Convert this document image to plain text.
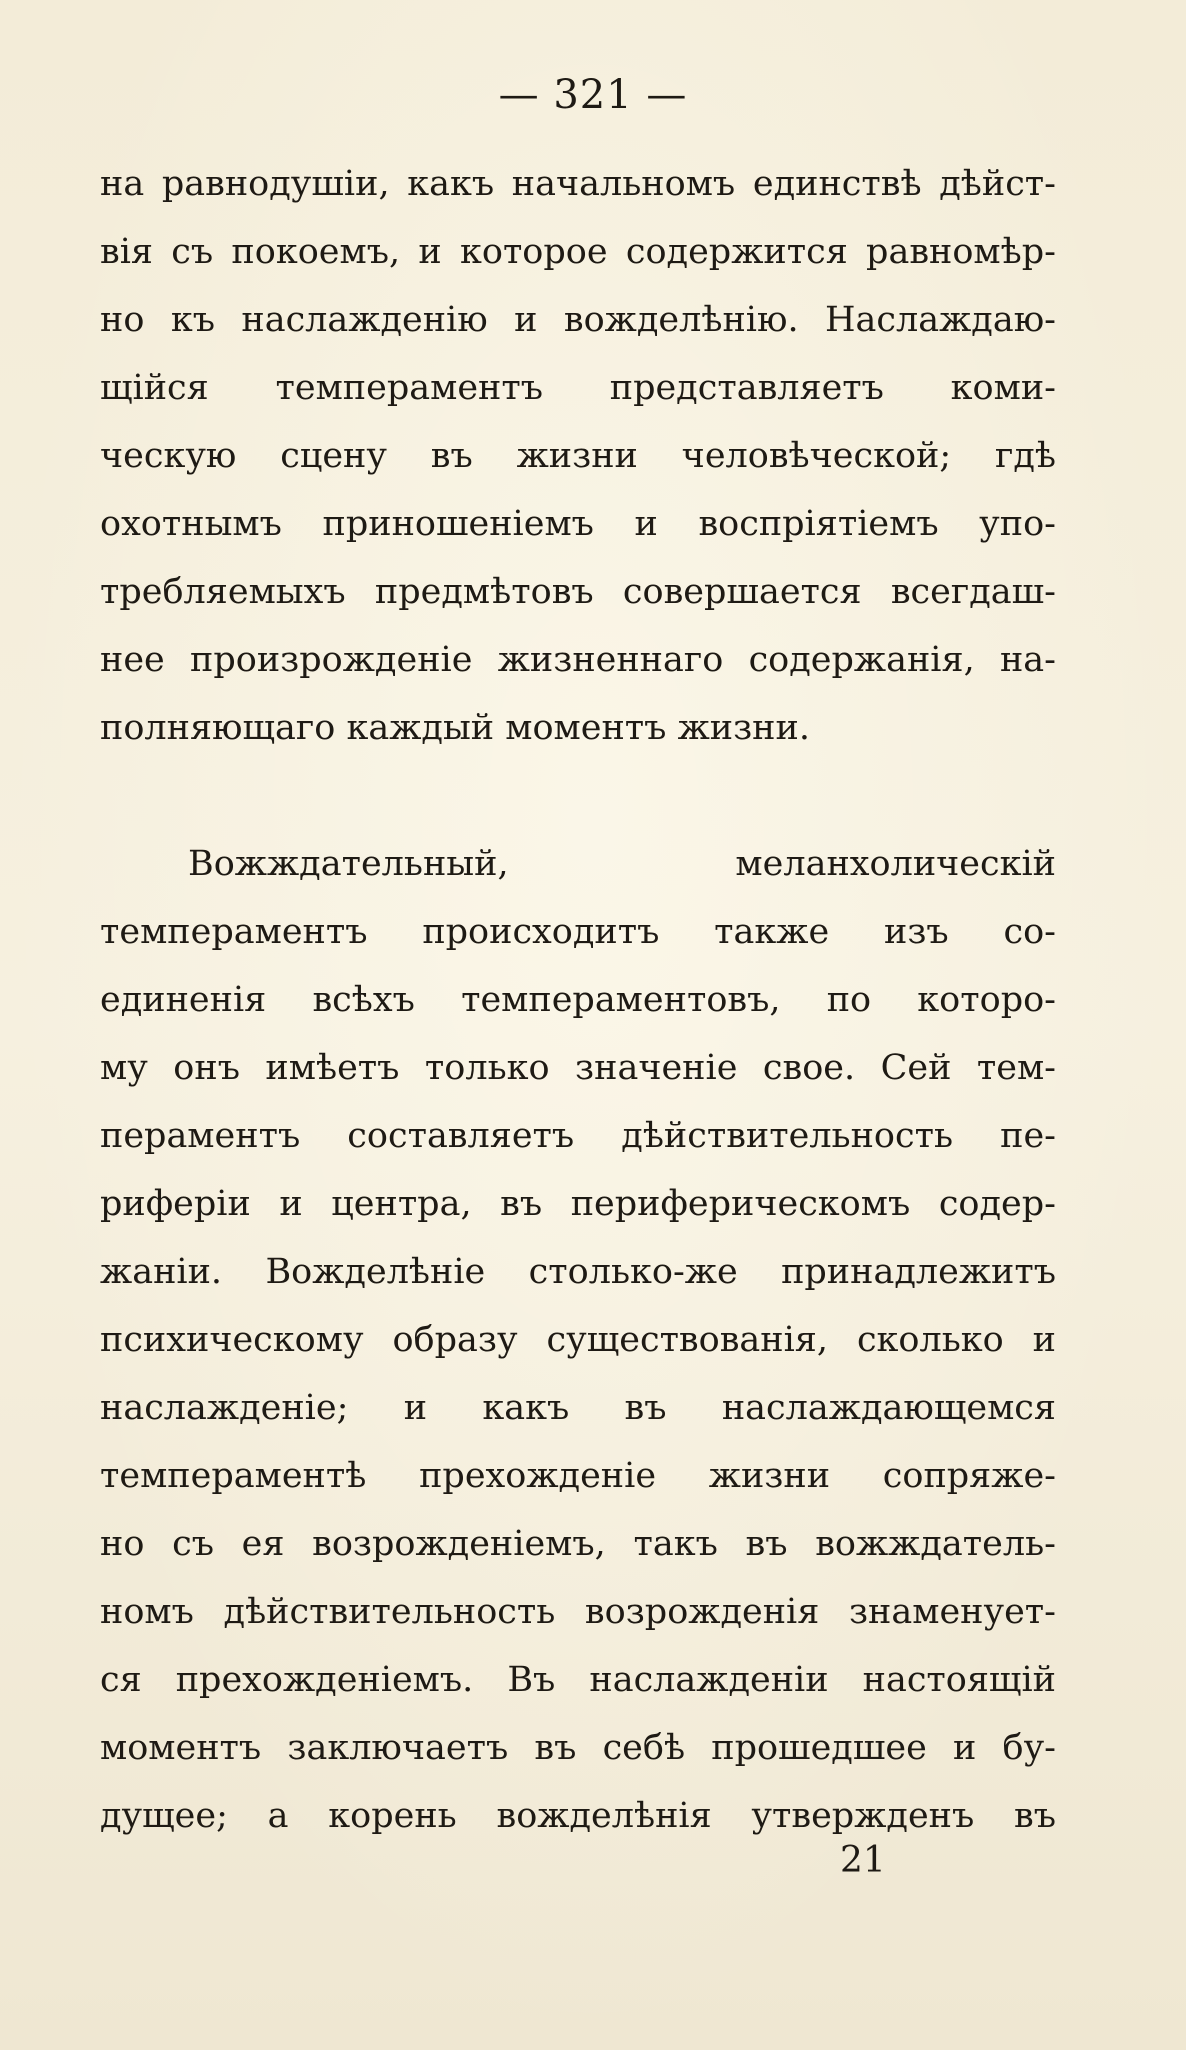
— 321 —
на равнодушіи, какъ начальномъ единствѣ дѣйст-
вія съ покоемъ, и которое содержится равномѣр-
но къ наслажденію и вожделѣнію. Наслаждаю-
щійся темпераментъ представляетъ коми-
ческую сцену въ жизни человѣческой; гдѣ
охотнымъ приношеніемъ и воспріятіемъ упо-
требляемыхъ предмѣтовъ совершается всегдаш-
нее произрожденіе жизненнаго содержанія, на-
полняющаго каждый моментъ жизни.
Вожждательный, меланхолическій
темпераментъ происходитъ также изъ со-
единенія всѣхъ темпераментовъ, по которо-
му онъ имѣетъ только значеніе свое. Сей тем-
пераментъ составляетъ дѣйствительность пе-
риферіи и центра, въ периферическомъ содер-
жаніи. Вожделѣніе столько-же принадлежитъ
психическому образу существованія, сколько и
наслажденіе; и какъ въ наслаждающемся
темпераментѣ прехожденіе жизни сопряже-
но съ ея возрожденіемъ, такъ въ вожждатель-
номъ дѣйствительность возрожденія знаменует-
ся прехожденіемъ. Въ наслажденіи настоящій
моментъ заключаетъ въ себѣ прошедшее и бу-
дущее; а корень вожделѣнія утвержденъ въ
21
